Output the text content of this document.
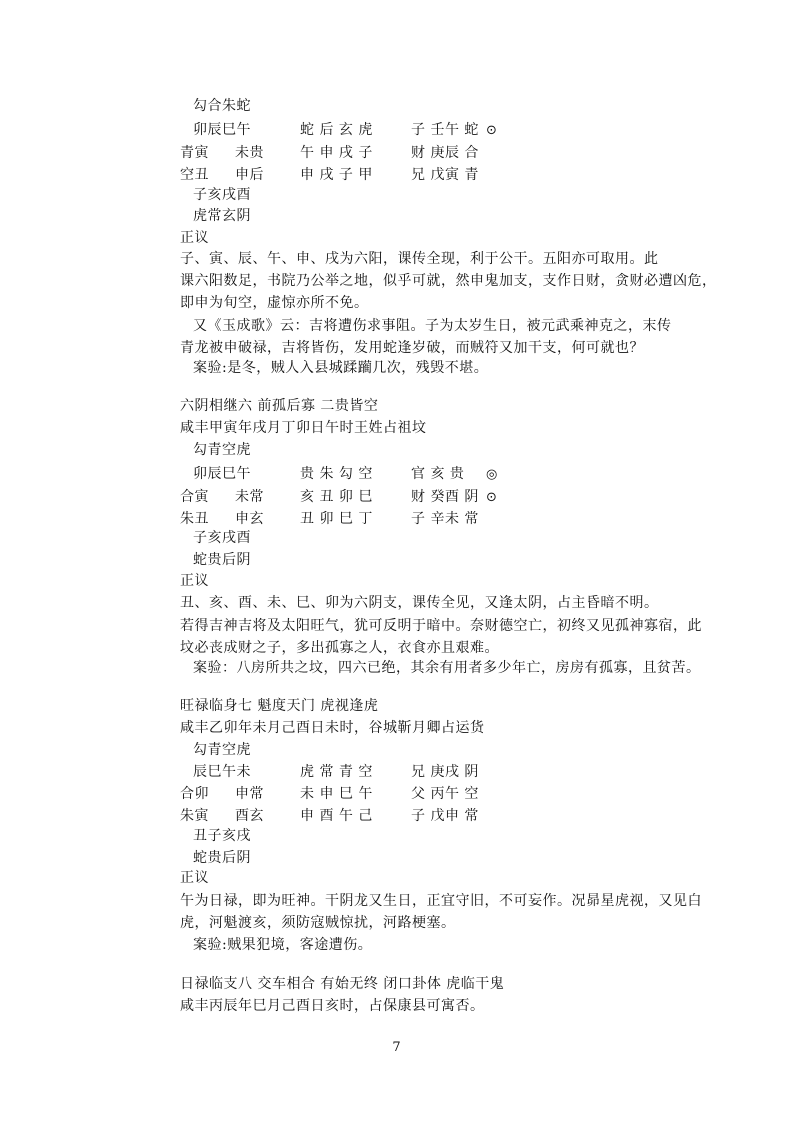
勾合朱蛇
卯辰巳午	蛇 后 玄 虎	子 壬午 蛇 ⊙
青寅 未贵	午 申 戌 子	财 庚辰 合
空丑 申后	申 戌 子 甲	兄 戊寅 青
子亥戌酉
虎常玄阴
正议
子、寅、辰、午、申、戌为六阳，课传全现，利于公干。五阳亦可取用。此
课六阳数足，书院乃公举之地，似乎可就，然申鬼加支，支作日财，贪财必遭凶危，
即申为旬空，虚惊亦所不免。
又《玉成歌》云：吉将遭伤求事阻。子为太岁生日，被元武乘神克之，末传
青龙被申破禄，吉将皆伤，发用蛇逢岁破，而贼符又加干支，何可就也？
案验:是冬，贼人入县城蹂躏几次，残毁不堪。
六阴相继六 前孤后寡 二贵皆空
咸丰甲寅年戌月丁卯日午时王姓占祖坟
勾青空虎
卯辰巳午	贵 朱 勾 空	官 亥 贵 ◎
合寅 未常	亥 丑 卯 巳	财 癸酉 阴 ⊙
朱丑 申玄	丑 卯 巳 丁	子 辛未 常
子亥戌酉
蛇贵后阴
正议
丑、亥、酉、未、巳、卯为六阴支，课传全见，又逢太阴，占主昏暗不明。
若得吉神吉将及太阳旺气，犹可反明于暗中。奈财德空亡，初终又见孤神寡宿，此
坟必丧成财之子，多出孤寡之人，衣食亦且艰难。
案验：八房所共之坟，四六已绝，其余有用者多少年亡，房房有孤寡，且贫苦。
旺禄临身七 魁度天门 虎视逢虎
咸丰乙卯年未月己酉日未时，谷城靳月卿占运货
勾青空虎
辰巳午未	虎 常 青 空	兄 庚戌 阴
合卯 申常	未 申 巳 午	父 丙午 空
朱寅 酉玄	申 酉 午 己	子 戊申 常
丑子亥戌
蛇贵后阴
正议
午为日禄，即为旺神。干阴龙又生日，正宜守旧，不可妄作。况昴星虎视，又见白
虎，河魁渡亥，须防寇贼惊扰，河路梗塞。
案验:贼果犯境，客途遭伤。
日禄临支八 交车相合 有始无终 闭口卦体 虎临干鬼
咸丰丙辰年巳月己酉日亥时，占保康县可寓否。
7
